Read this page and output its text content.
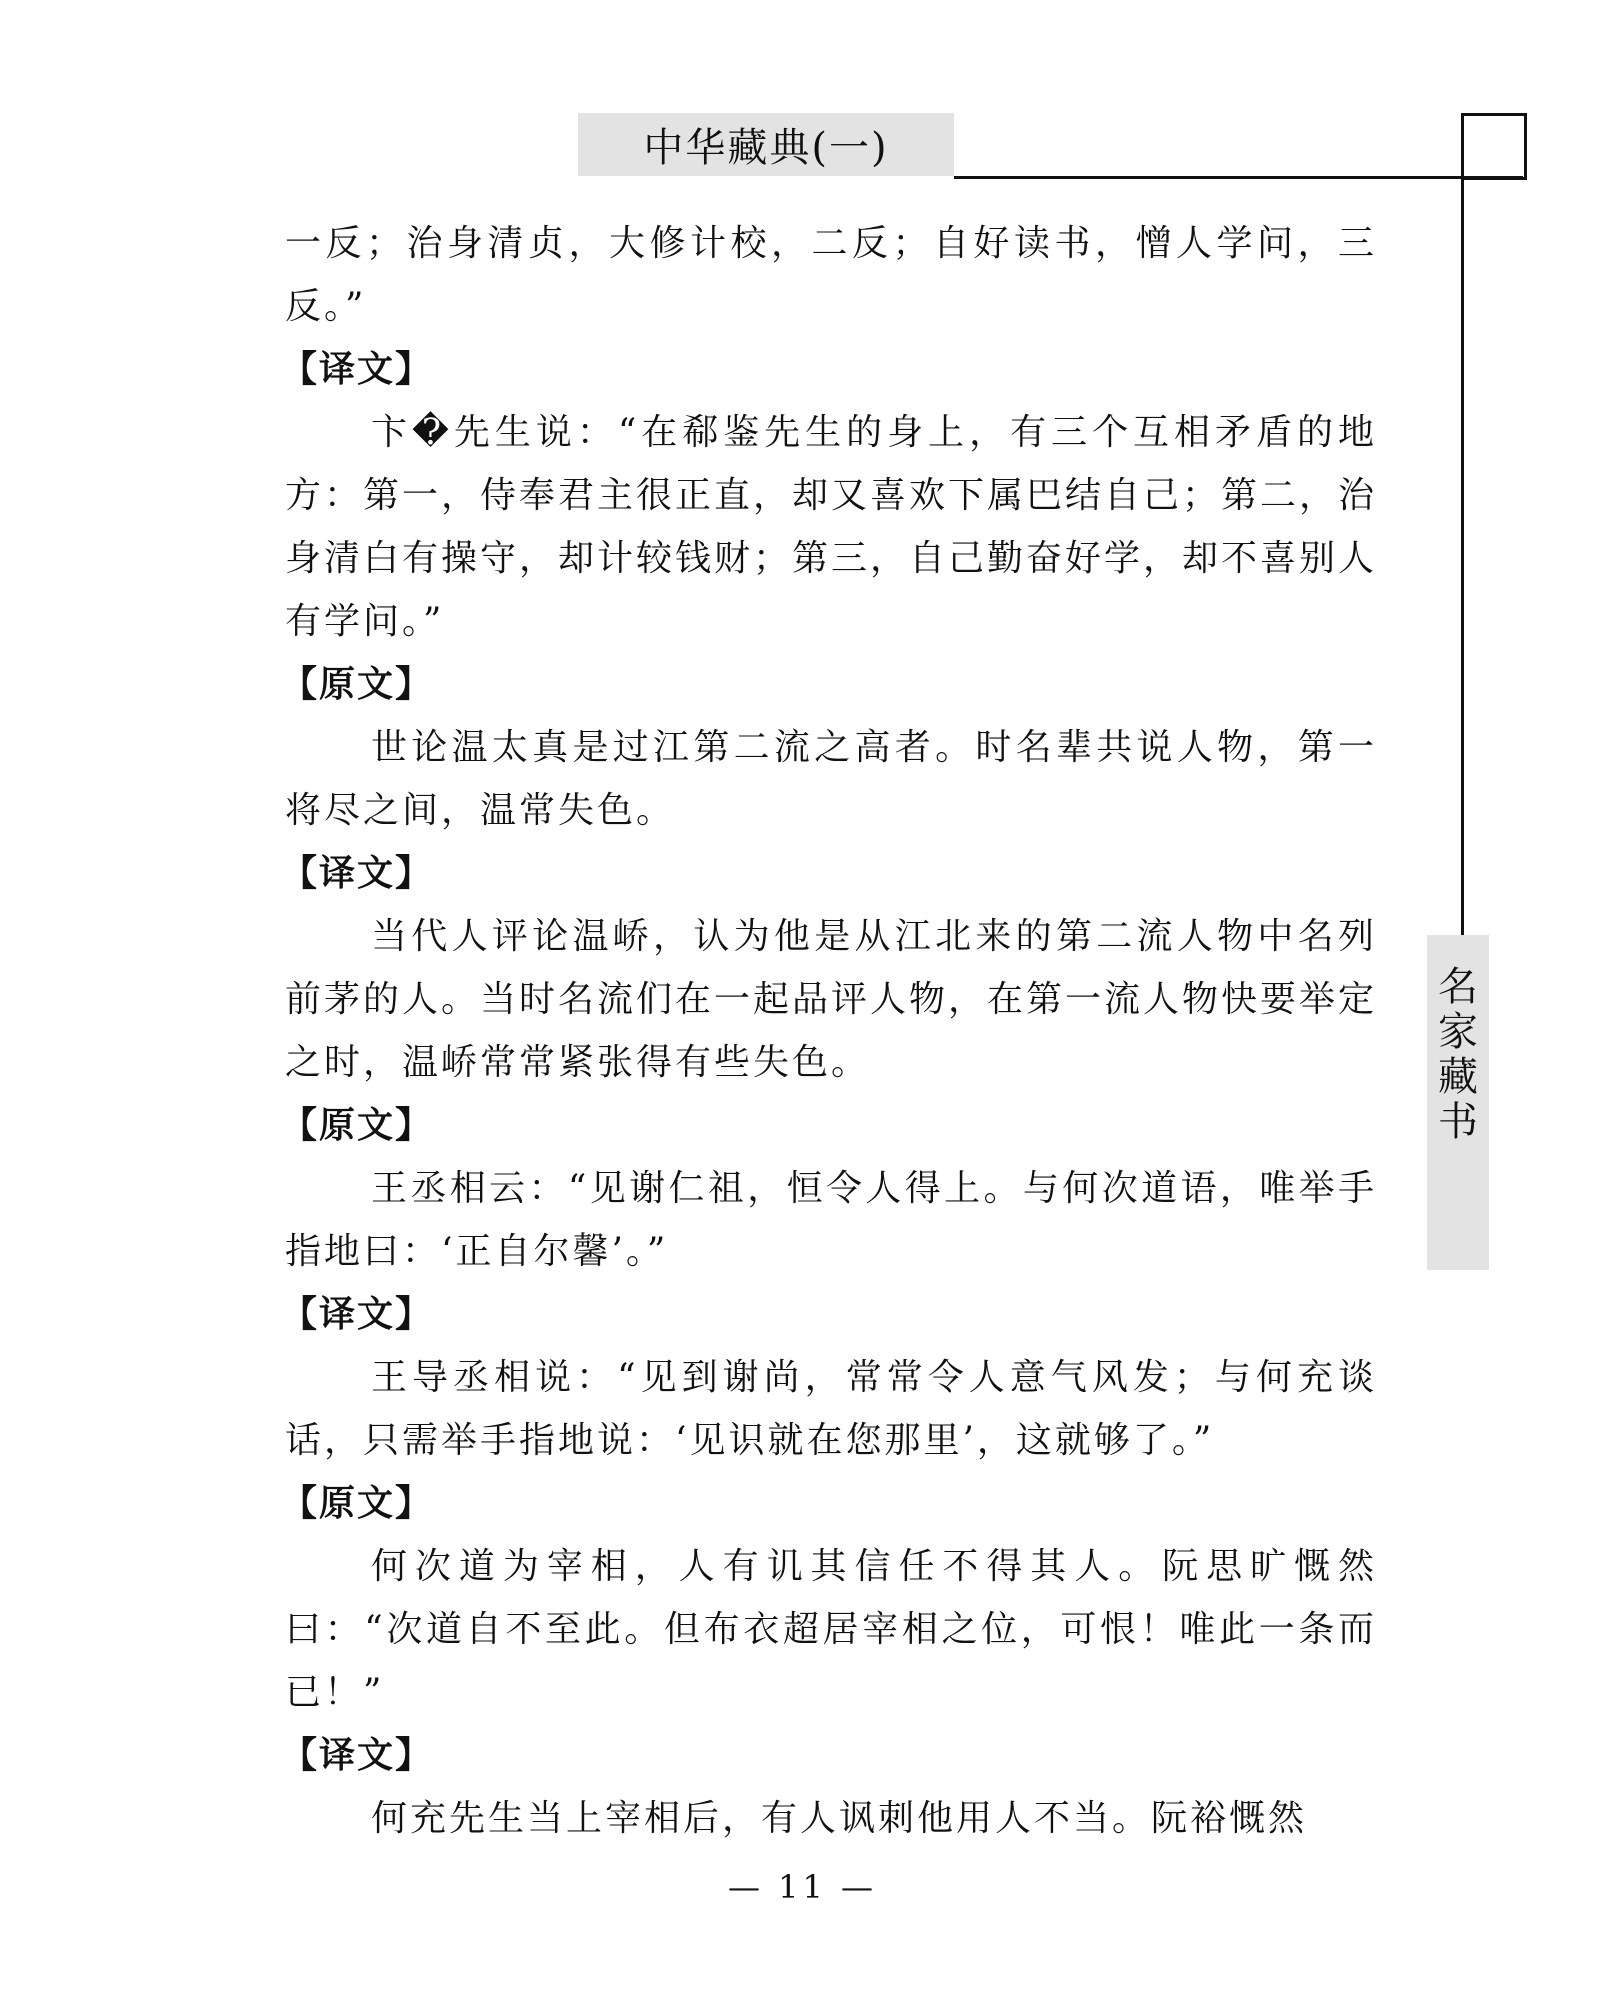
中华藏典(一)
名
家
藏
书

一反；治身清贞，大修计校，二反；自好读书，憎人学问，三反。”

【译文】

卞�先生说：“在郗鉴先生的身上，有三个互相矛盾的地方：第一，侍奉君主很正直，却又喜欢下属巴结自己；第二，治身清白有操守，却计较钱财；第三，自己勤奋好学，却不喜别人有学问。”

【原文】

世论温太真是过江第二流之高者。时名辈共说人物，第一将尽之间，温常失色。

【译文】

当代人评论温峤，认为他是从江北来的第二流人物中名列前茅的人。当时名流们在一起品评人物，在第一流人物快要举定之时，温峤常常紧张得有些失色。

【原文】

王丞相云：“见谢仁祖，恒令人得上。与何次道语，唯举手指地曰：‘正自尔馨’。”

【译文】

王导丞相说：“见到谢尚，常常令人意气风发；与何充谈话，只需举手指地说：‘见识就在您那里’，这就够了。”

【原文】

何次道为宰相，人有讥其信任不得其人。阮思旷慨然曰：“次道自不至此。但布衣超居宰相之位，可恨！唯此一条而已！”

【译文】

何充先生当上宰相后，有人讽刺他用人不当。阮裕慨然

— 11 —
